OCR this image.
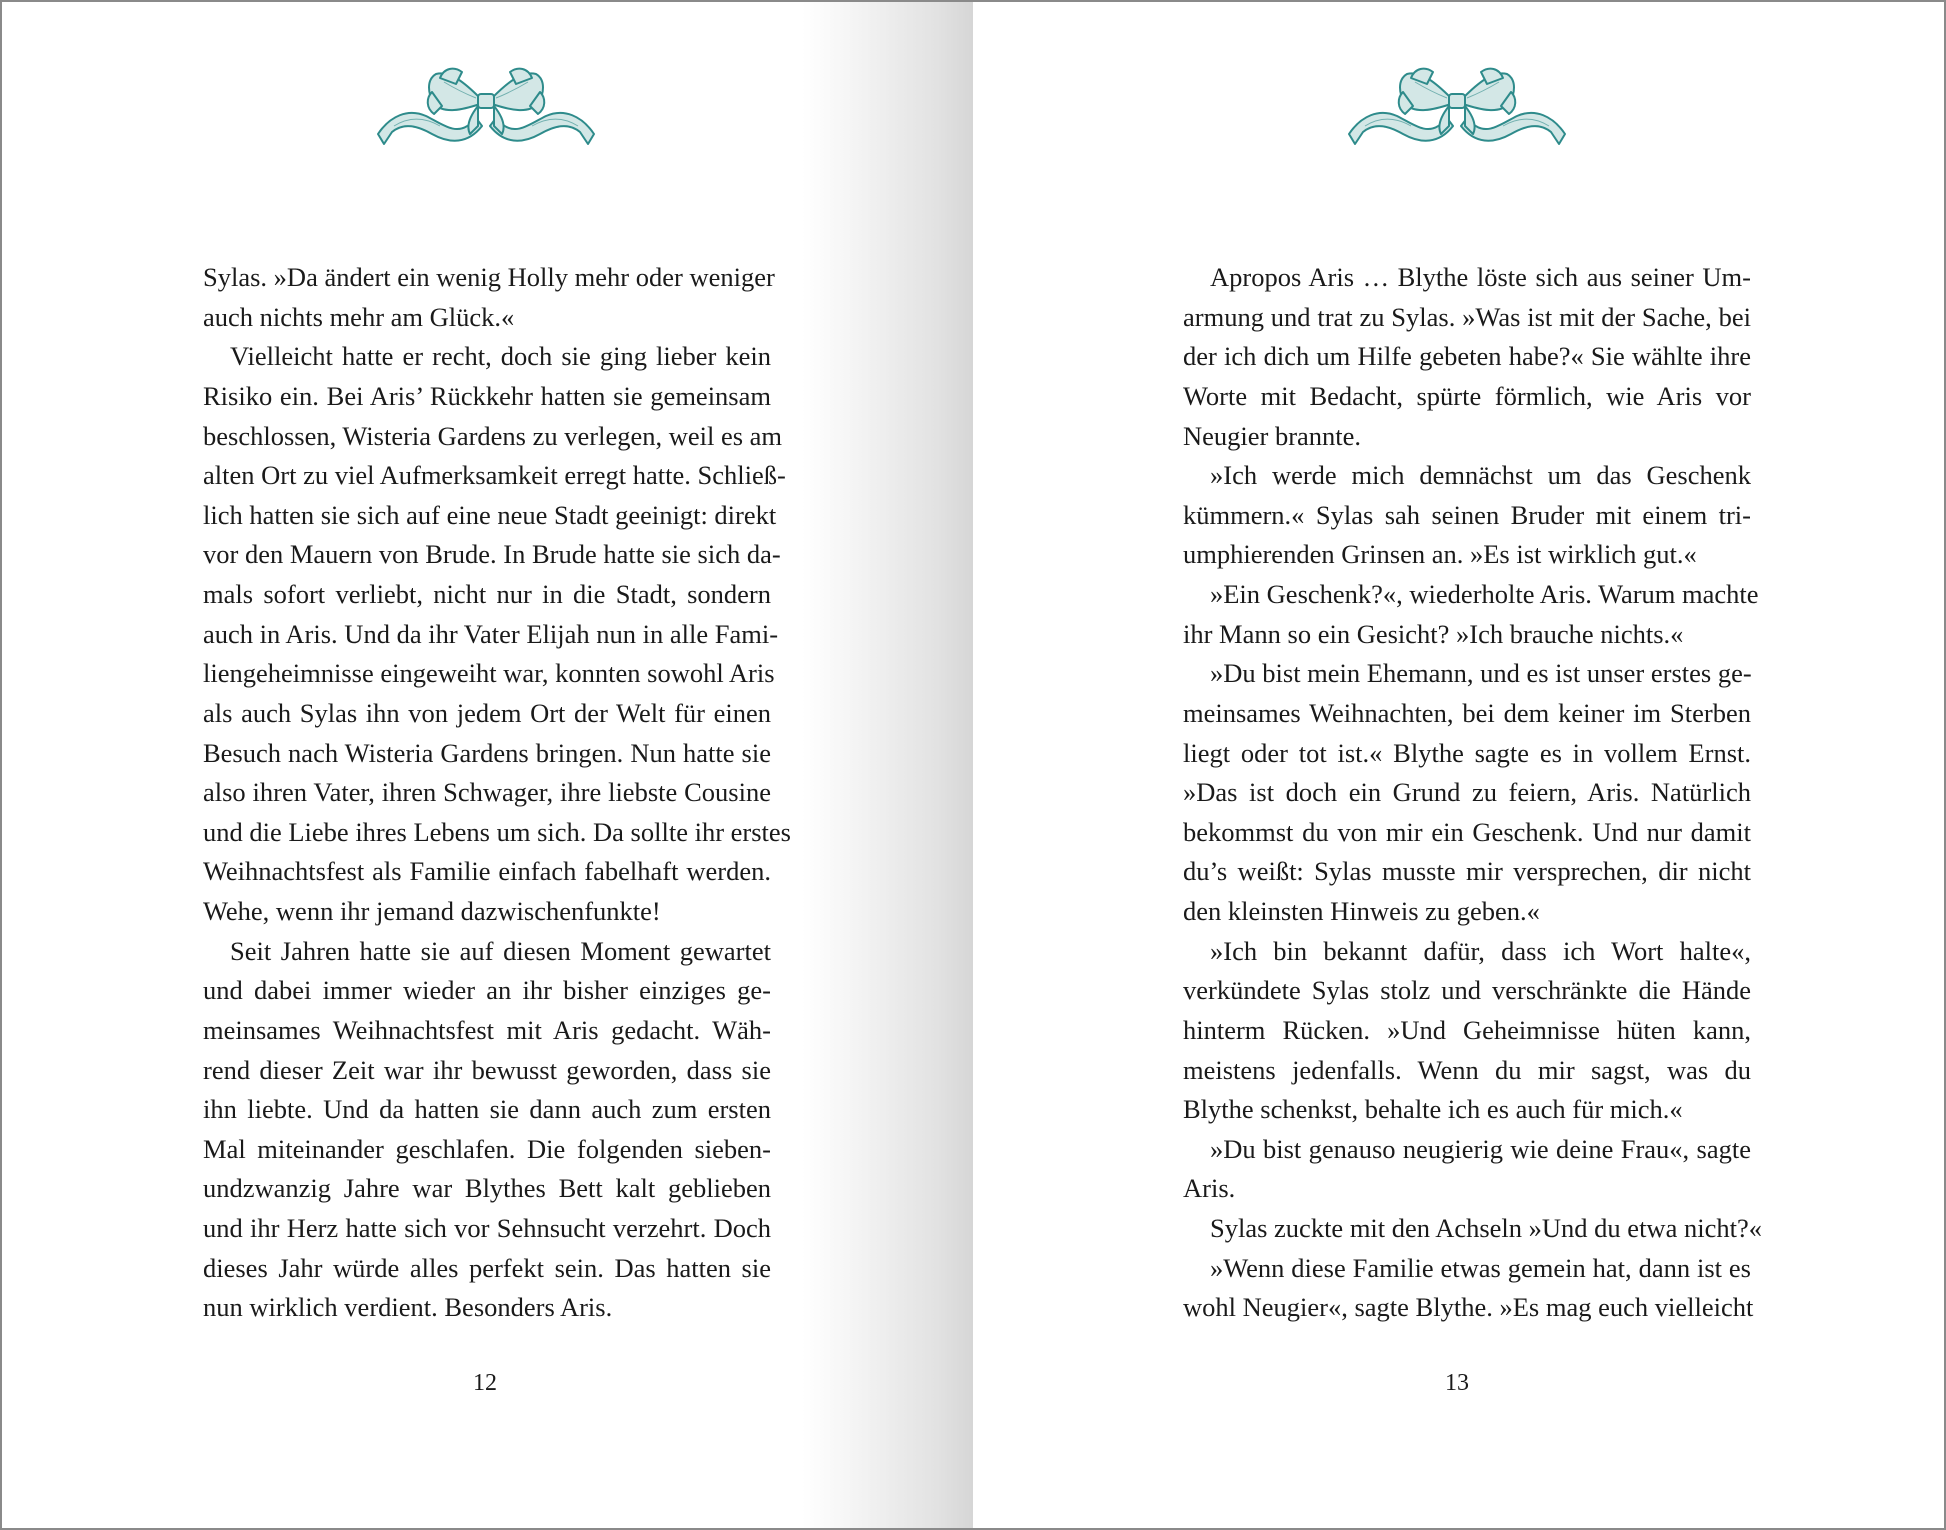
Sylas. »Da ändert ein wenig Holly mehr oder weniger
auch nichts mehr am Glück.«
Vielleicht hatte er recht, doch sie ging lieber kein
Risiko ein. Bei Aris’ Rückkehr hatten sie gemeinsam
beschlossen, Wisteria Gardens zu verlegen, weil es am
alten Ort zu viel Aufmerksamkeit erregt hatte. Schließ-
lich hatten sie sich auf eine neue Stadt geeinigt: direkt
vor den Mauern von Brude. In Brude hatte sie sich da-
mals sofort verliebt, nicht nur in die Stadt, sondern
auch in Aris. Und da ihr Vater Elijah nun in alle Fami-
liengeheimnisse eingeweiht war, konnten sowohl Aris
als auch Sylas ihn von jedem Ort der Welt für einen
Besuch nach Wisteria Gardens bringen. Nun hatte sie
also ihren Vater, ihren Schwager, ihre liebste Cousine
und die Liebe ihres Lebens um sich. Da sollte ihr erstes
Weihnachtsfest als Familie einfach fabelhaft werden.
Wehe, wenn ihr jemand dazwischenfunkte!
Seit Jahren hatte sie auf diesen Moment gewartet
und dabei immer wieder an ihr bisher einziges ge-
meinsames Weihnachtsfest mit Aris gedacht. Wäh-
rend dieser Zeit war ihr bewusst geworden, dass sie
ihn liebte. Und da hatten sie dann auch zum ersten
Mal miteinander geschlafen. Die folgenden sieben-
undzwanzig Jahre war Blythes Bett kalt geblieben
und ihr Herz hatte sich vor Sehnsucht verzehrt. Doch
dieses Jahr würde alles perfekt sein. Das hatten sie
nun wirklich verdient. Besonders Aris.
12
Apropos Aris … Blythe löste sich aus seiner Um-
armung und trat zu Sylas. »Was ist mit der Sache, bei
der ich dich um Hilfe gebeten habe?« Sie wählte ihre
Worte mit Bedacht, spürte förmlich, wie Aris vor
Neugier brannte.
»Ich werde mich demnächst um das Geschenk
kümmern.« Sylas sah seinen Bruder mit einem tri-
umphierenden Grinsen an. »Es ist wirklich gut.«
»Ein Geschenk?«, wiederholte Aris. Warum machte
ihr Mann so ein Gesicht? »Ich brauche nichts.«
»Du bist mein Ehemann, und es ist unser erstes ge-
meinsames Weihnachten, bei dem keiner im Sterben
liegt oder tot ist.« Blythe sagte es in vollem Ernst.
»Das ist doch ein Grund zu feiern, Aris. Natürlich
bekommst du von mir ein Geschenk. Und nur damit
du’s weißt: Sylas musste mir versprechen, dir nicht
den kleinsten Hinweis zu geben.«
»Ich bin bekannt dafür, dass ich Wort halte«,
verkündete Sylas stolz und verschränkte die Hände
hinterm Rücken. »Und Geheimnisse hüten kann,
meistens jedenfalls. Wenn du mir sagst, was du
Blythe schenkst, behalte ich es auch für mich.«
»Du bist genauso neugierig wie deine Frau«, sagte
Aris.
Sylas zuckte mit den Achseln »Und du etwa nicht?«
»Wenn diese Familie etwas gemein hat, dann ist es
wohl Neugier«, sagte Blythe. »Es mag euch vielleicht
13
